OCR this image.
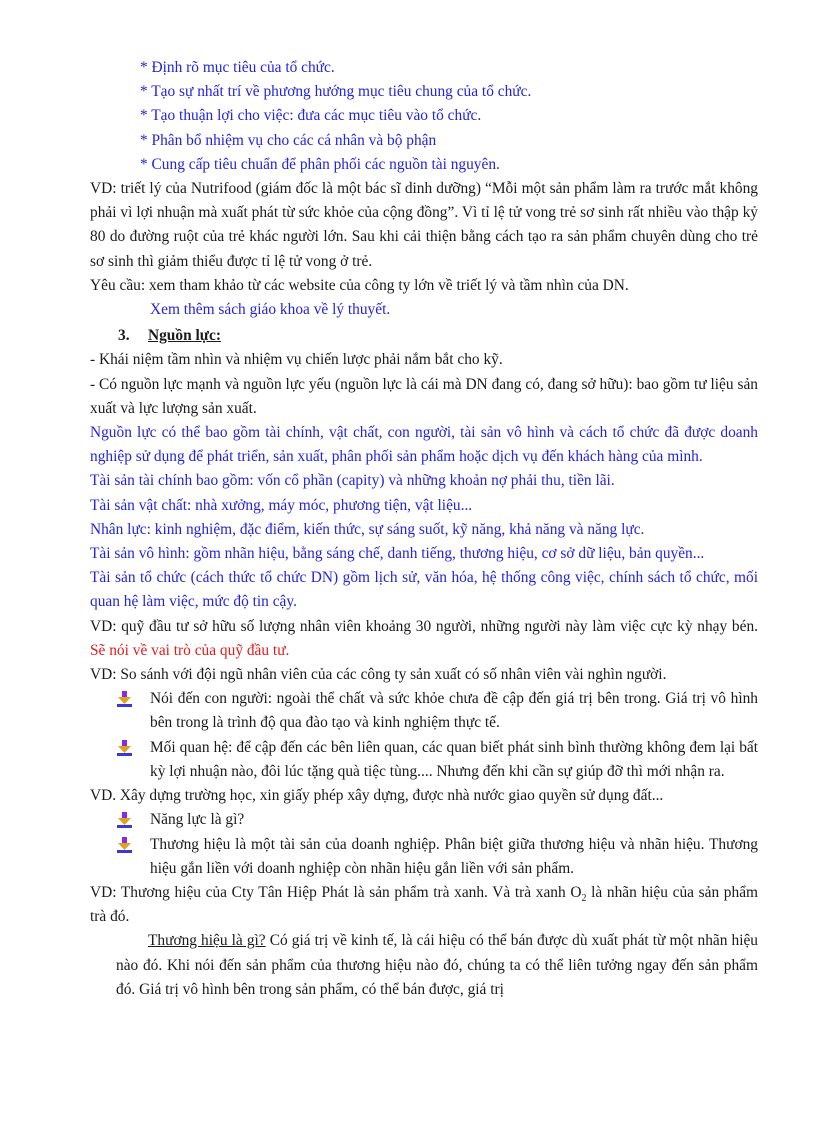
* Định rõ mục tiêu của tổ chức.

* Tạo sự nhất trí về phương hướng mục tiêu chung của tổ chức.

* Tạo thuận lợi cho việc: đưa các mục tiêu vào tổ chức.

* Phân bổ nhiệm vụ cho các cá nhân và bộ phận

* Cung cấp tiêu chuẩn để phân phối các nguồn tài nguyên.

VD: triết lý của Nutrifood (giám đốc là một bác sĩ dinh dưỡng) “Mỗi một sản phẩm làm ra trước mắt không phải vì lợi nhuận mà xuất phát từ sức khỏe của cộng đồng”. Vì tỉ lệ tử vong trẻ sơ sinh rất nhiều vào thập kỷ 80 do đường ruột của trẻ khác người lớn. Sau khi cải thiện bằng cách tạo ra sản phẩm chuyên dùng cho trẻ sơ sinh thì giảm thiểu được tỉ lệ tử vong ở trẻ.

Yêu cầu: xem tham khảo từ các website của công ty lớn về triết lý và tầm nhìn của DN.

Xem thêm sách giáo khoa về lý thuyết.

3. Nguồn lực:

- Khái niệm tầm nhìn và nhiệm vụ chiến lược phải nắm bắt cho kỹ.

- Có nguồn lực mạnh và nguồn lực yếu (nguồn lực là cái mà DN đang có, đang sở hữu): bao gồm tư liệu sản xuất và lực lượng sản xuất.

Nguồn lực có thể bao gồm tài chính, vật chất, con người, tài sản vô hình và cách tổ chức đã được doanh nghiệp sử dụng để phát triển, sản xuất, phân phối sản phẩm hoặc dịch vụ đến khách hàng của mình.

Tài sản tài chính bao gồm: vốn cổ phần (capity) và những khoản nợ phải thu, tiền lãi.

Tài sản vật chất: nhà xưởng, máy móc, phương tiện, vật liệu...

Nhân lực: kinh nghiệm, đặc điểm, kiến thức, sự sáng suốt, kỹ năng, khả năng và năng lực.

Tài sản vô hình: gồm nhãn hiệu, bằng sáng chế, danh tiếng, thương hiệu, cơ sở dữ liệu, bản quyền...

Tài sản tổ chức (cách thức tổ chức DN) gồm lịch sử, văn hóa, hệ thống công việc, chính sách tổ chức, mối quan hệ làm việc, mức độ tin cậy.

VD: quỹ đầu tư sở hữu số lượng nhân viên khoảng 30 người, những người này làm việc cực kỳ nhạy bén. Sẽ nói về vai trò của quỹ đầu tư.

VD: So sánh với đội ngũ nhân viên của các công ty sản xuất có số nhân viên vài nghìn người.

Nói đến con người: ngoài thể chất và sức khỏe chưa đề cập đến giá trị bên trong. Giá trị vô hình bên trong là trình độ qua đào tạo và kinh nghiệm thực tế.
Mối quan hệ: để cập đến các bên liên quan, các quan biết phát sinh bình thường không đem lại bất kỳ lợi nhuận nào, đôi lúc tặng quà tiệc tùng.... Nhưng đến khi cần sự giúp đỡ thì mới nhận ra.

VD. Xây dựng trường học, xin giấy phép xây dựng, được nhà nước giao quyền sử dụng đất...

Năng lực là gì?
Thương hiệu là một tài sản của doanh nghiệp. Phân biệt giữa thương hiệu và nhãn hiệu. Thương hiệu gắn liền với doanh nghiệp còn nhãn hiệu gắn liền với sản phẩm.

VD: Thương hiệu của Cty Tân Hiệp Phát là sản phẩm trà xanh. Và trà xanh $O_2$ là nhãn hiệu của sản phẩm trà đó.

Thương hiệu là gì? Có giá trị về kinh tế, là cái hiệu có thể bán được dù xuất phát từ một nhãn hiệu nào đó. Khi nói đến sản phẩm của thương hiệu nào đó, chúng ta có thể liên tưởng ngay đến sản phẩm đó. Giá trị vô hình bên trong sản phẩm, có thể bán được, giá trị
